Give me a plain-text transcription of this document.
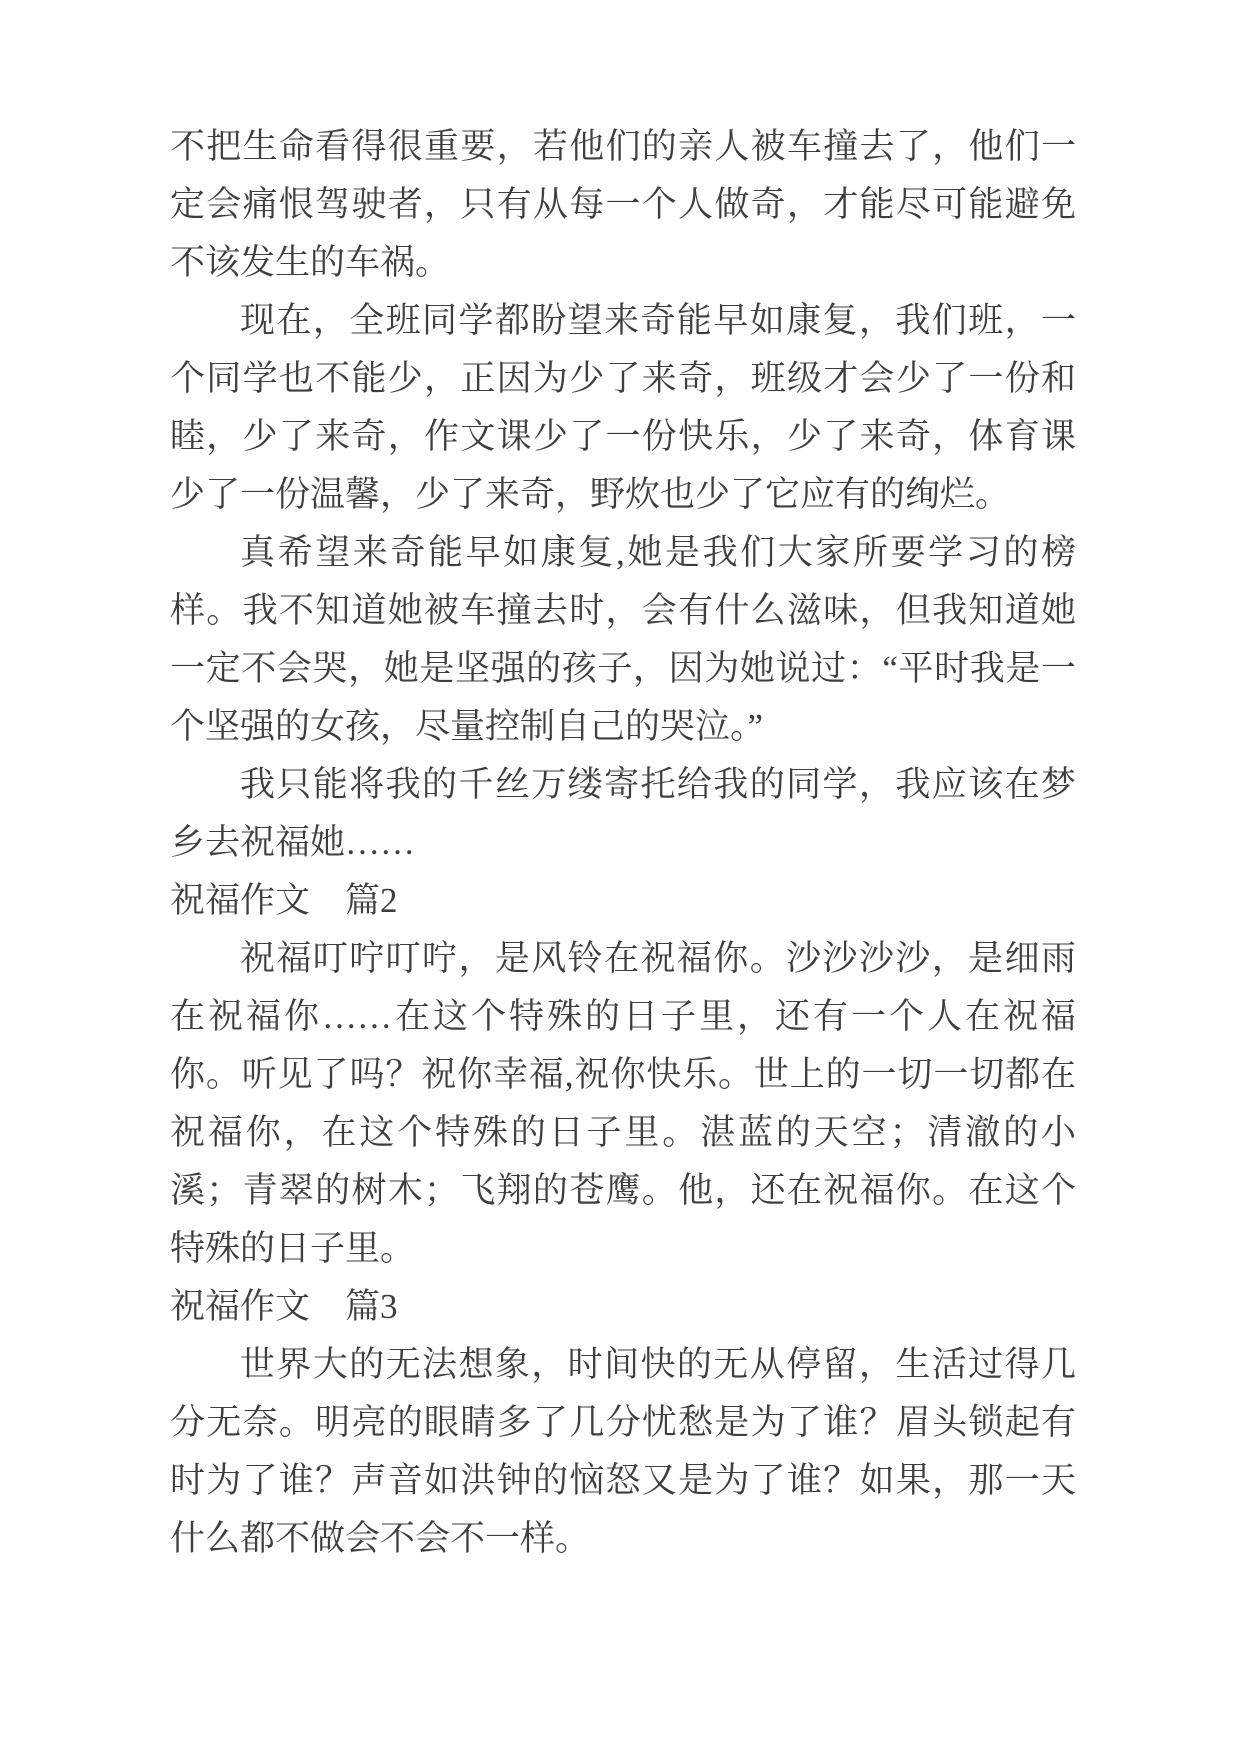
不把生命看得很重要，若他们的亲人被车撞去了，他们一定会痛恨驾驶者，只有从每一个人做奇，才能尽可能避免不该发生的车祸。

现在，全班同学都盼望来奇能早如康复，我们班，一个同学也不能少，正因为少了来奇，班级才会少了一份和睦，少了来奇，作文课少了一份快乐，少了来奇，体育课少了一份温馨，少了来奇，野炊也少了它应有的绚烂。

真希望来奇能早如康复,她是我们大家所要学习的榜样。我不知道她被车撞去时，会有什么滋味，但我知道她一定不会哭，她是坚强的孩子，因为她说过：“平时我是一个坚强的女孩，尽量控制自己的哭泣。”

我只能将我的千丝万缕寄托给我的同学，我应该在梦乡去祝福她……

祝福作文　篇2

祝福叮咛叮咛，是风铃在祝福你。沙沙沙沙，是细雨在祝福你……在这个特殊的日子里，还有一个人在祝福你。听见了吗？祝你幸福,祝你快乐。世上的一切一切都在祝福你，在这个特殊的日子里。湛蓝的天空；清澈的小溪；青翠的树木；飞翔的苍鹰。他，还在祝福你。在这个特殊的日子里。

祝福作文　篇3

世界大的无法想象，时间快的无从停留，生活过得几分无奈。明亮的眼睛多了几分忧愁是为了谁？眉头锁起有时为了谁？声音如洪钟的恼怒又是为了谁？如果，那一天什么都不做会不会不一样。
